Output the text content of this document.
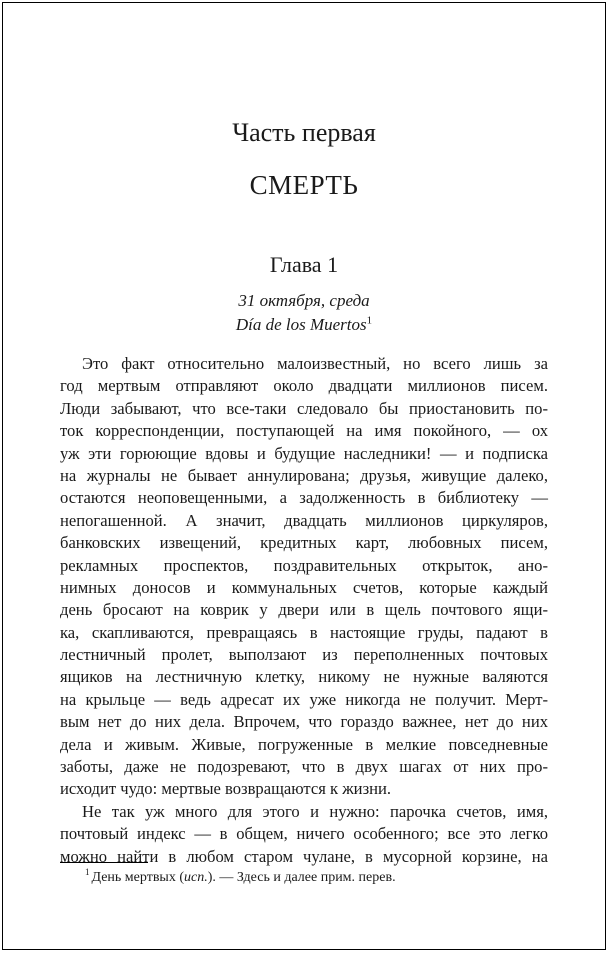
Часть первая
СМЕРТЬ
Глава 1
31 октября, среда
Día de los Muertos$^1$
Это факт относительно малоизвестный, но всего лишь за
год мертвым отправляют около двадцати миллионов писем.
Люди забывают, что все-таки следовало бы приостановить по-
ток корреспонденции, поступающей на имя покойного, — ох
уж эти горюющие вдовы и будущие наследники! — и подписка
на журналы не бывает аннулирована; друзья, живущие далеко,
остаются неоповещенными, а задолженность в библиотеку —
непогашенной. А значит, двадцать миллионов циркуляров,
банковских извещений, кредитных карт, любовных писем,
рекламных проспектов, поздравительных открыток, ано-
нимных доносов и коммунальных счетов, которые каждый
день бросают на коврик у двери или в щель почтового ящи-
ка, скапливаются, превращаясь в настоящие груды, падают в
лестничный пролет, выползают из переполненных почтовых
ящиков на лестничную клетку, никому не нужные валяются
на крыльце — ведь адресат их уже никогда не получит. Мерт-
вым нет до них дела. Впрочем, что гораздо важнее, нет до них
дела и живым. Живые, погруженные в мелкие повседневные
заботы, даже не подозревают, что в двух шагах от них про-
исходит чудо: мертвые возвращаются к жизни.
Не так уж много для этого и нужно: парочка счетов, имя,
почтовый индекс — в общем, ничего особенного; все это легко
можно найти в любом старом чулане, в мусорной корзине, на
$^1$ День мертвых (исп.). — Здесь и далее прим. перев.
